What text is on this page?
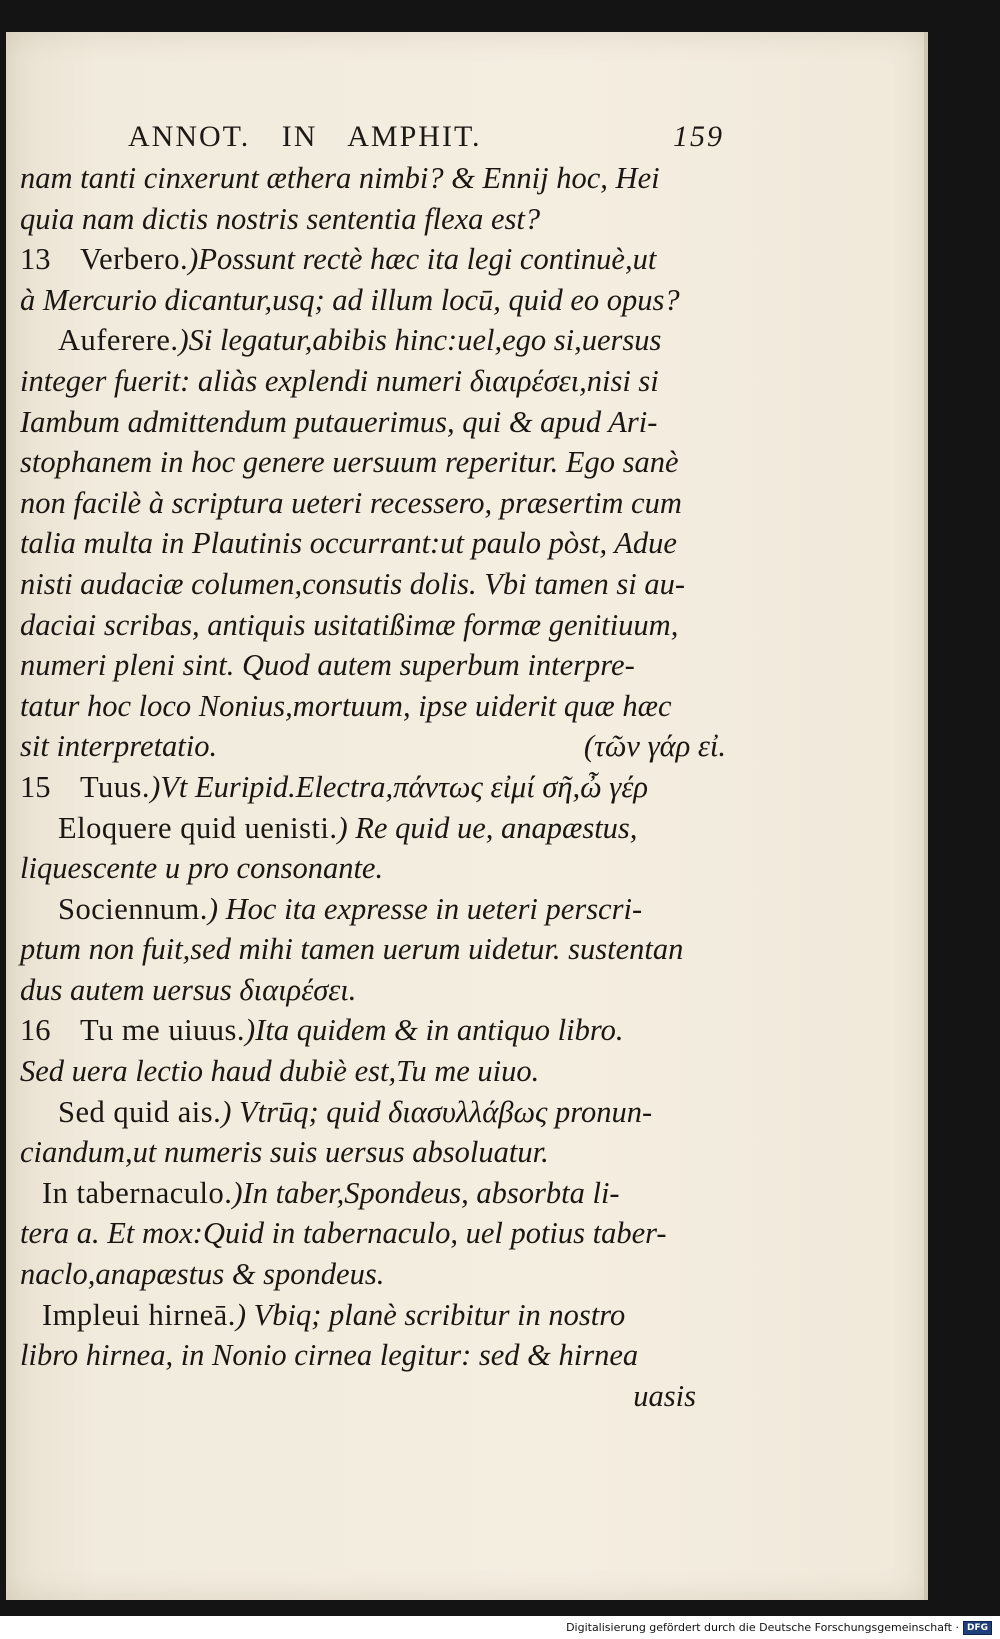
ANNOT. IN AMPHIT.	159
nam tanti cinxerunt æthera nimbi? & Ennij hoc, Hei
quia nam dictis nostris sententia flexa est?
13 Verbero.)Possunt rectè hæc ita legi continuè,ut
à Mercurio dicantur,usq; ad illum locū, quid eo opus?
Auferere.)Si legatur,abibis hinc:uel,ego si,uersus
integer fuerit: aliàs explendi numeri διαιρέσει,nisi si
Iambum admittendum putauerimus, qui & apud Ari-
stophanem in hoc genere uersuum reperitur. Ego sanè
non facilè à scriptura ueteri recessero, præsertim cum
talia multa in Plautinis occurrant:ut paulo pòst, Adue
nisti audaciæ columen,consutis dolis. Vbi tamen si au-
daciai scribas, antiquis usitatißimæ formæ genitiuum,
numeri pleni sint. Quod autem superbum interpre-
tatur hoc loco Nonius,mortuum, ipse uiderit quæ hæc
sit interpretatio.	(τῶν γάρ εἰ.
15 Tuus.)Vt Euripid.Electra,πάντως εἰμί σῆ,ὦ γέρ
Eloquere quid uenisti.) Re quid ue, anapæstus,
liquescente u pro consonante.
Sociennum.) Hoc ita expresse in ueteri perscri-
ptum non fuit,sed mihi tamen uerum uidetur. sustentan
dus autem uersus διαιρέσει.
16 Tu me uiuus.)Ita quidem & in antiquo libro.
Sed uera lectio haud dubiè est,Tu me uiuo.
Sed quid ais.) Vtrūq; quid διασυλλάβως pronun-
ciandum,ut numeris suis uersus absoluatur.
In tabernaculo.)In taber,Spondeus, absorbta li-
tera a. Et mox:Quid in tabernaculo, uel potius taber-
naclo,anapæstus & spondeus.
Impleui hirneā.) Vbiq; planè scribitur in nostro
libro hirnea, in Nonio cirnea legitur: sed & hirnea
uasis
Digitalisierung gefördert durch die Deutsche Forschungsgemeinschaft · DFG
